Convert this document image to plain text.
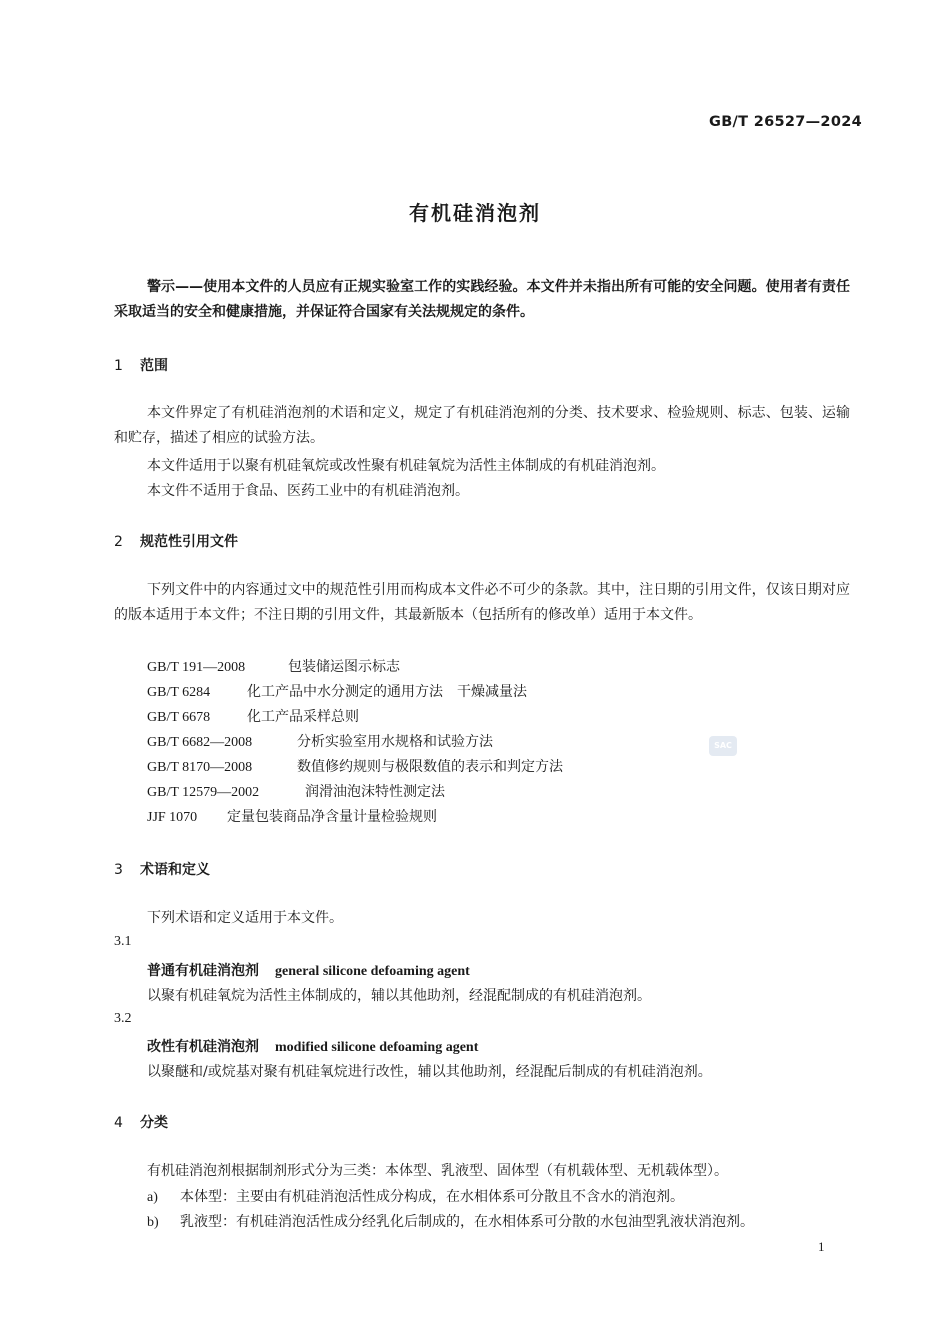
GB/T 26527—2024
有机硅消泡剂
警示——使用本文件的人员应有正规实验室工作的实践经验。本文件并未指出所有可能的安全问题。使用者有责任采取适当的安全和健康措施，并保证符合国家有关法规规定的条件。
1 范围
本文件界定了有机硅消泡剂的术语和定义，规定了有机硅消泡剂的分类、技术要求、检验规则、标志、包装、运输和贮存，描述了相应的试验方法。
本文件适用于以聚有机硅氧烷或改性聚有机硅氧烷为活性主体制成的有机硅消泡剂。
本文件不适用于食品、医药工业中的有机硅消泡剂。
2 规范性引用文件
下列文件中的内容通过文中的规范性引用而构成本文件必不可少的条款。其中，注日期的引用文件，仅该日期对应的版本适用于本文件；不注日期的引用文件，其最新版本（包括所有的修改单）适用于本文件。
GB/T 191—2008	包装储运图示标志
GB/T 6284	化工产品中水分测定的通用方法　干燥减量法
GB/T 6678	化工产品采样总则
GB/T 6682—2008	分析实验室用水规格和试验方法
GB/T 8170—2008	数值修约规则与极限数值的表示和判定方法
GB/T 12579—2002	润滑油泡沫特性测定法
JJF 1070 定量包装商品净含量计量检验规则
SAC
3 术语和定义
下列术语和定义适用于本文件。
3.1
普通有机硅消泡剂 general silicone defoaming agent
以聚有机硅氧烷为活性主体制成的，辅以其他助剂，经混配制成的有机硅消泡剂。
3.2
改性有机硅消泡剂 modified silicone defoaming agent
以聚醚和/或烷基对聚有机硅氧烷进行改性，辅以其他助剂，经混配后制成的有机硅消泡剂。
4 分类
有机硅消泡剂根据制剂形式分为三类：本体型、乳液型、固体型（有机载体型、无机载体型）。
a) 本体型：主要由有机硅消泡活性成分构成，在水相体系可分散且不含水的消泡剂。
b) 乳液型：有机硅消泡活性成分经乳化后制成的，在水相体系可分散的水包油型乳液状消泡剂。
1
